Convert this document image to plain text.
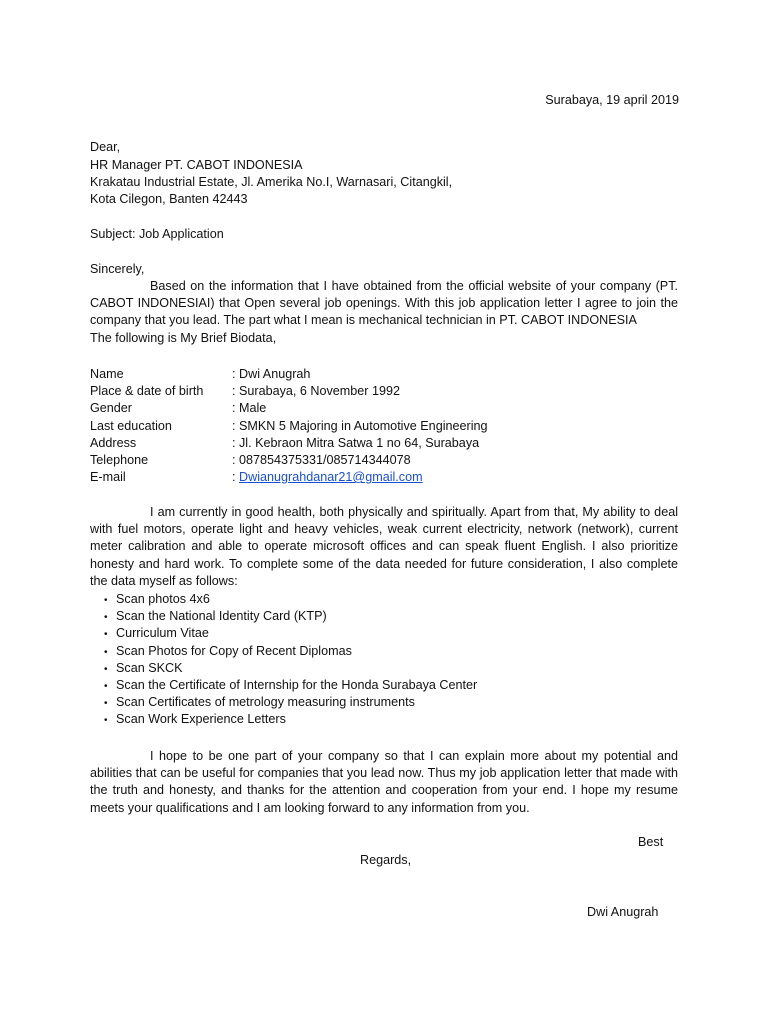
Surabaya, 19 april 2019
Dear,
HR Manager PT. CABOT INDONESIA
Krakatau Industrial Estate, Jl. Amerika No.I, Warnasari, Citangkil,
Kota Cilegon, Banten 42443
Subject: Job Application
Sincerely,
Based on the information that I have obtained from the official website of your company (PT. CABOT INDONESIAI) that Open several job openings. With this job application letter I agree to join the company that you lead. The part what I mean is mechanical technician in PT. CABOT INDONESIA
The following is My Brief Biodata,
Name	: Dwi Anugrah
Place & date of birth : Surabaya, 6 November 1992
Gender	: Male
Last education	: SMKN 5 Majoring in Automotive Engineering
Address	: Jl. Kebraon Mitra Satwa 1 no 64, Surabaya
Telephone	: 087854375331/085714344078
E-mail	: Dwianugrahdanar21@gmail.com
I am currently in good health, both physically and spiritually. Apart from that, My ability to deal with fuel motors, operate light and heavy vehicles, weak current electricity, network (network), current meter calibration and able to operate microsoft offices and can speak fluent English. I also prioritize honesty and hard work. To complete some of the data needed for future consideration, I also complete the data myself as follows:
• Scan photos 4x6
• Scan the National Identity Card (KTP)
• Curriculum Vitae
• Scan Photos for Copy of Recent Diplomas
• Scan SKCK
• Scan the Certificate of Internship for the Honda Surabaya Center
• Scan Certificates of metrology measuring instruments
• Scan Work Experience Letters
I hope to be one part of your company so that I can explain more about my potential and abilities that can be useful for companies that you lead now. Thus my job application letter that made with the truth and honesty, and thanks for the attention and cooperation from your end. I hope my resume meets your qualifications and I am looking forward to any information from you.
Best
Regards,
Dwi Anugrah
